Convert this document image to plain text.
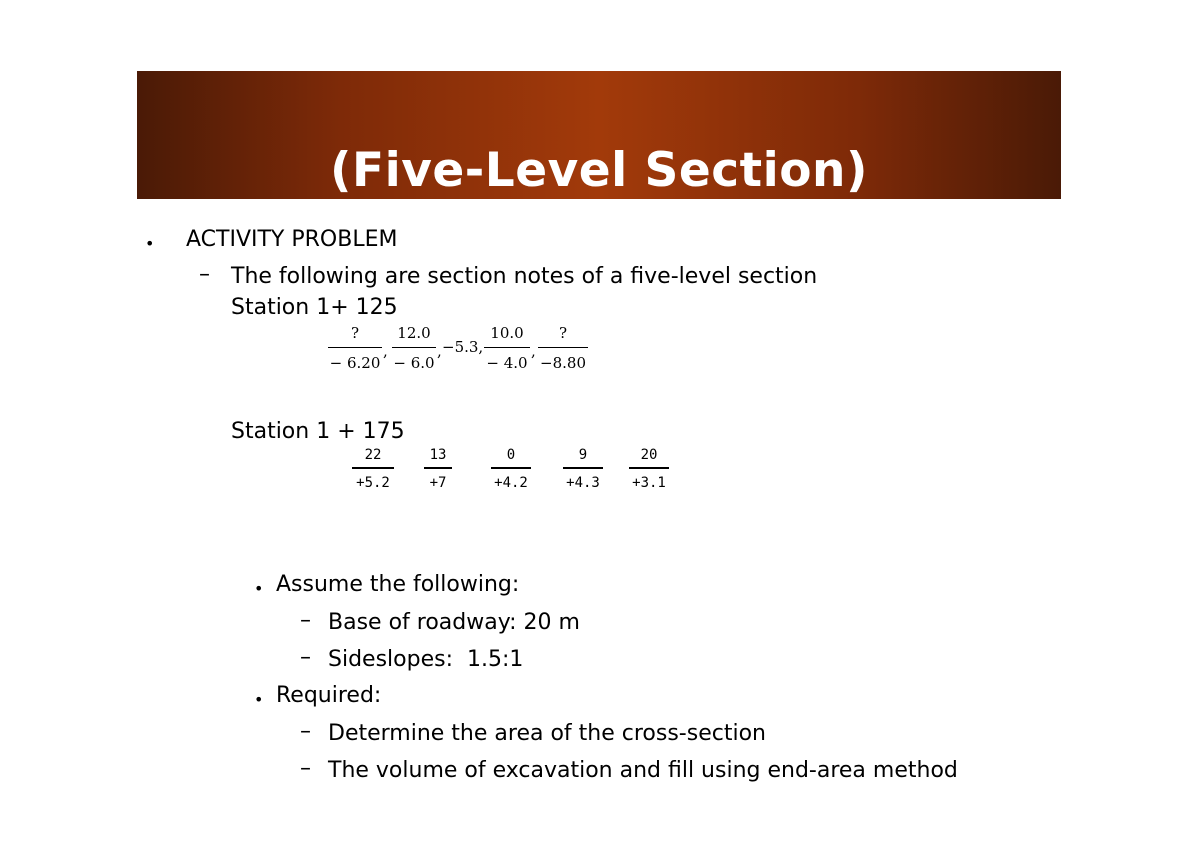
(Five-Level Section)
• ACTIVITY PROBLEM
– The following are section notes of a five-level section
Station 1+ 125
?
− 6.20
,
12.0
− 6.0
, −5.3,
10.0
− 4.0
,
?
−8.80
Station 1 + 175
22
+5.2
13
+7
0
+4.2
9
+4.3
20
+3.1
• Assume the following:
– Base of roadway: 20 m
– Sideslopes:  1.5:1
• Required:
– Determine the area of the cross-section
– The volume of excavation and fill using end-area method
